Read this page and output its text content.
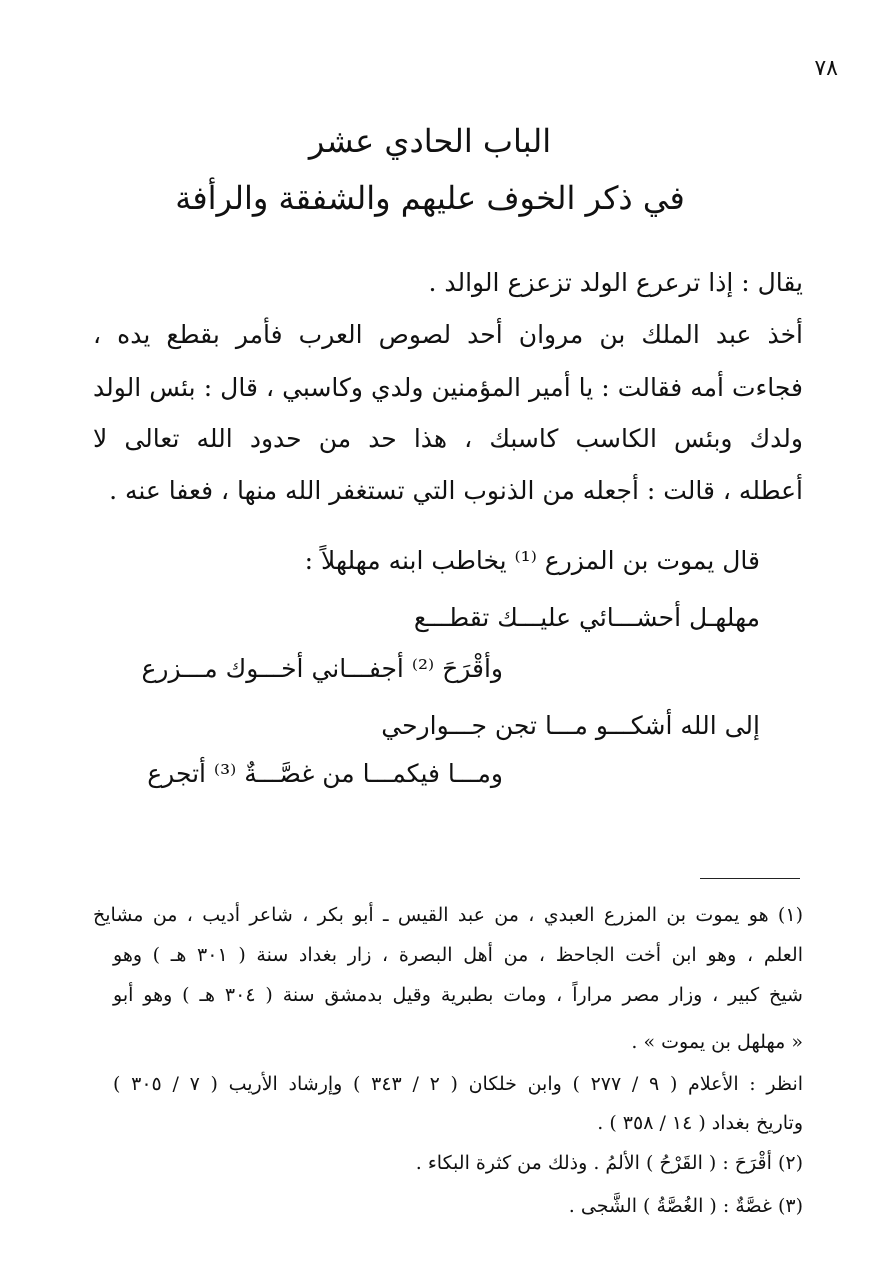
٧٨
الباب الحادي عشر
في ذكر الخوف عليهم والشفقة والرأفة
يقال : إذا ترعرع الولد تزعزع الوالد .
أخذ عبد الملك بن مروان أحد لصوص العرب فأمر بقطع يده ،
فجاءت أمه فقالت : يا أمير المؤمنين ولدي وكاسبي ، قال : بئس الولد
ولدك وبئس الكاسب كاسبك ، هذا حد من حدود الله تعالى لا
أعطله ، قالت : أجعله من الذنوب التي تستغفر الله منها ، فعفا عنه .
قال يموت بن المزرع ⁽¹⁾ يخاطب ابنه مهلهلاً :
مهلهـل أحشـــائي عليـــك تقطـــع
وأقْرَحَ ⁽²⁾ أجفـــاني أخـــوك مـــزرع
إلى الله أشكـــو مـــا تجن جـــوارحي
ومـــا فيكمـــا من غصَّـــةٌ ⁽³⁾ أتجرع
(١) هو يموت بن المزرع العبدي ، من عبد القيس ـ أبو بكر ، شاعر أديب ، من مشايخ
العلم ، وهو ابن أخت الجاحظ ، من أهل البصرة ، زار بغداد سنة ( ٣٠١ هـ ) وهو
شيخ كبير ، وزار مصر مراراً ، ومات بطبرية وقيل بدمشق سنة ( ٣٠٤ هـ ) وهو أبو
« مهلهل بن يموت » .
انظر : الأعلام ( ٩ / ٢٧٧ ) وابن خلكان ( ٢ / ٣٤٣ ) وإرشاد الأريب ( ٧ / ٣٠٥ )
وتاريخ بغداد ( ١٤ / ٣٥٨ ) .
(٢) أقْرَحَ : ( القَرْحُ ) الألمُ . وذلك من كثرة البكاء .
(٣) غصَّةٌ : ( الغُصَّةُ ) الشَّجى .
